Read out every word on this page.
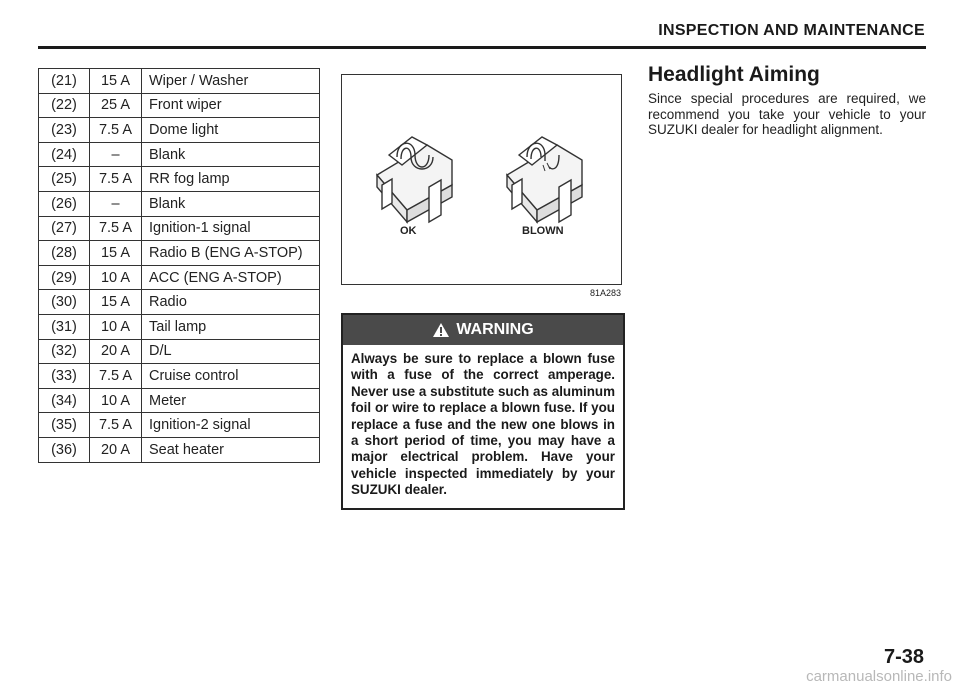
INSPECTION AND MAINTENANCE
(21)	15 A	Wiper / Washer
(22)	25 A	Front wiper
(23)	7.5 A	Dome light
(24)	–	Blank
(25)	7.5 A	RR fog lamp
(26)	–	Blank
(27)	7.5 A	Ignition-1 signal
(28)	15 A	Radio B (ENG A-STOP)
(29)	10 A	ACC (ENG A-STOP)
(30)	15 A	Radio
(31)	10 A	Tail lamp
(32)	20 A	D/L
(33)	7.5 A	Cruise control
(34)	10 A	Meter
(35)	7.5 A	Ignition-2 signal
(36)	20 A	Seat heater
OK	BLOWN
81A283
WARNING
Always be sure to replace a blown fuse with a fuse of the correct amperage. Never use a substitute such as aluminum foil or wire to replace a blown fuse. If you replace a fuse and the new one blows in a short period of time, you may have a major electrical problem. Have your vehicle inspected immediately by your SUZUKI dealer.
Headlight Aiming
Since special procedures are required, we recommend you take your vehicle to your SUZUKI dealer for headlight alignment.
7-38
carmanualsonline.info
